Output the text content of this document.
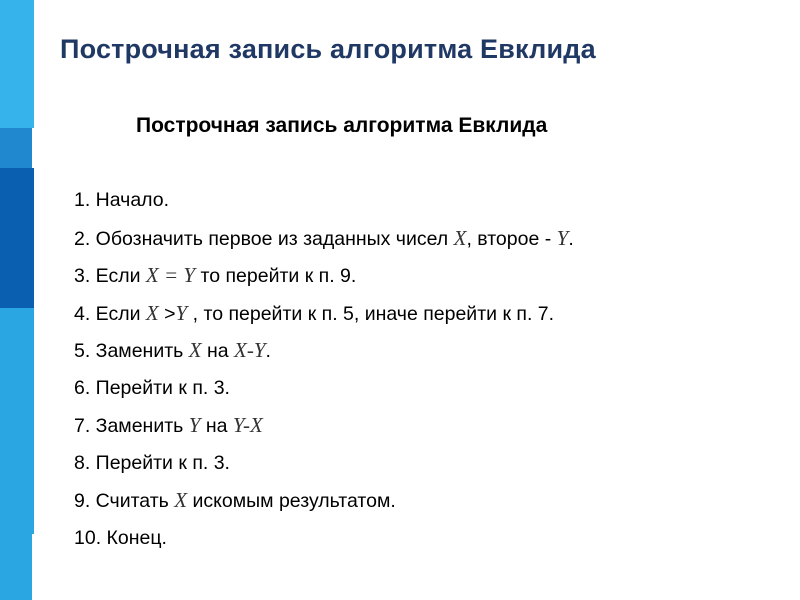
Построчная запись алгоритма Евклида
Построчная запись алгоритма Евклида
1. Начало.
2. Обозначить первое из заданных чисел X, второе - Y.
3. Если X = Y то перейти к п. 9.
4. Если X >Y , то перейти к п. 5, иначе перейти к п. 7.
5. Заменить X на X-Y.
6. Перейти к п. 3.
7. Заменить Y на Y-X
8. Перейти к п. 3.
9. Считать X искомым результатом.
10. Конец.
